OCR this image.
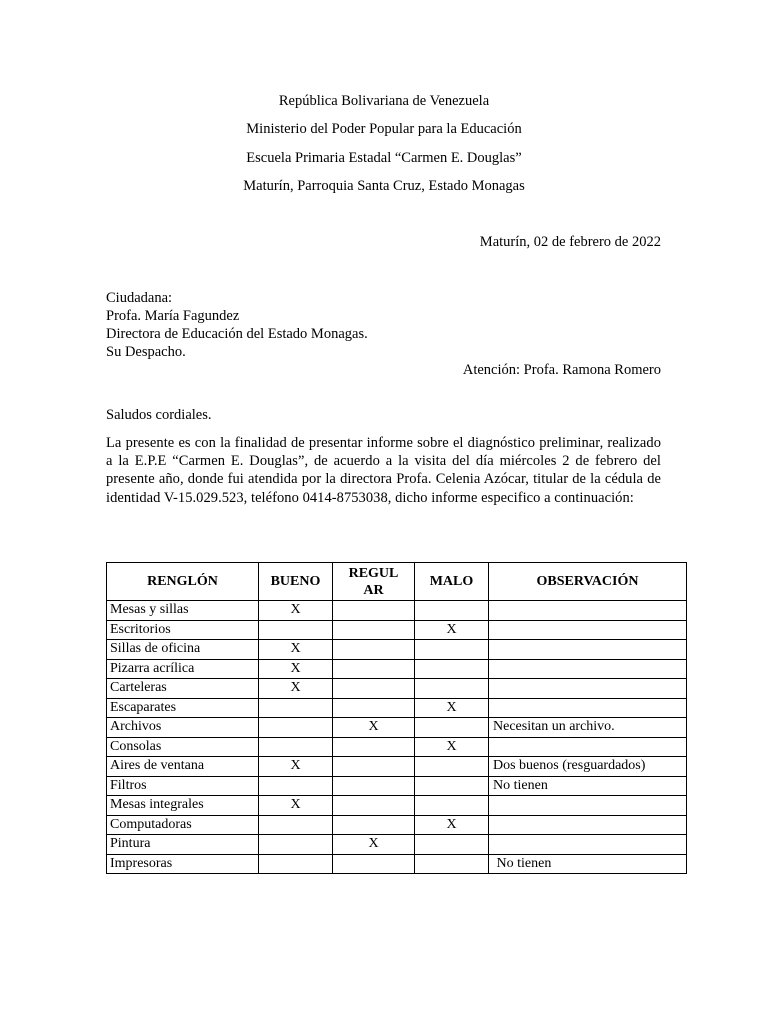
República Bolivariana de Venezuela
Ministerio del Poder Popular para la Educación
Escuela Primaria Estadal “Carmen E. Douglas”
Maturín, Parroquia Santa Cruz, Estado Monagas
Maturín, 02 de febrero de 2022
Ciudadana:
Profa. María Fagundez
Directora de Educación del Estado Monagas.
Su Despacho.
Atención: Profa. Ramona Romero
Saludos cordiales.
La presente es con la finalidad de presentar informe sobre el diagnóstico preliminar, realizado a la E.P.E “Carmen E. Douglas”, de acuerdo a la visita del día miércoles 2 de febrero del presente año, donde fui atendida por la directora Profa. Celenia Azócar, titular de la cédula de identidad V-15.029.523, teléfono 0414-8753038, dicho informe especifico a continuación:
RENGLÓN	BUENO	REGULAR	MALO	OBSERVACIÓN
Mesas y sillas	X			
Escritorios			X	
Sillas de oficina	X			
Pizarra acrílica	X			
Carteleras	X			
Escaparates			X	
Archivos		X		Necesitan un archivo.
Consolas			X	
Aires de ventana	X			Dos buenos (resguardados)
Filtros				No tienen
Mesas integrales	X			
Computadoras			X	
Pintura		X		
Impresoras				No tienen
